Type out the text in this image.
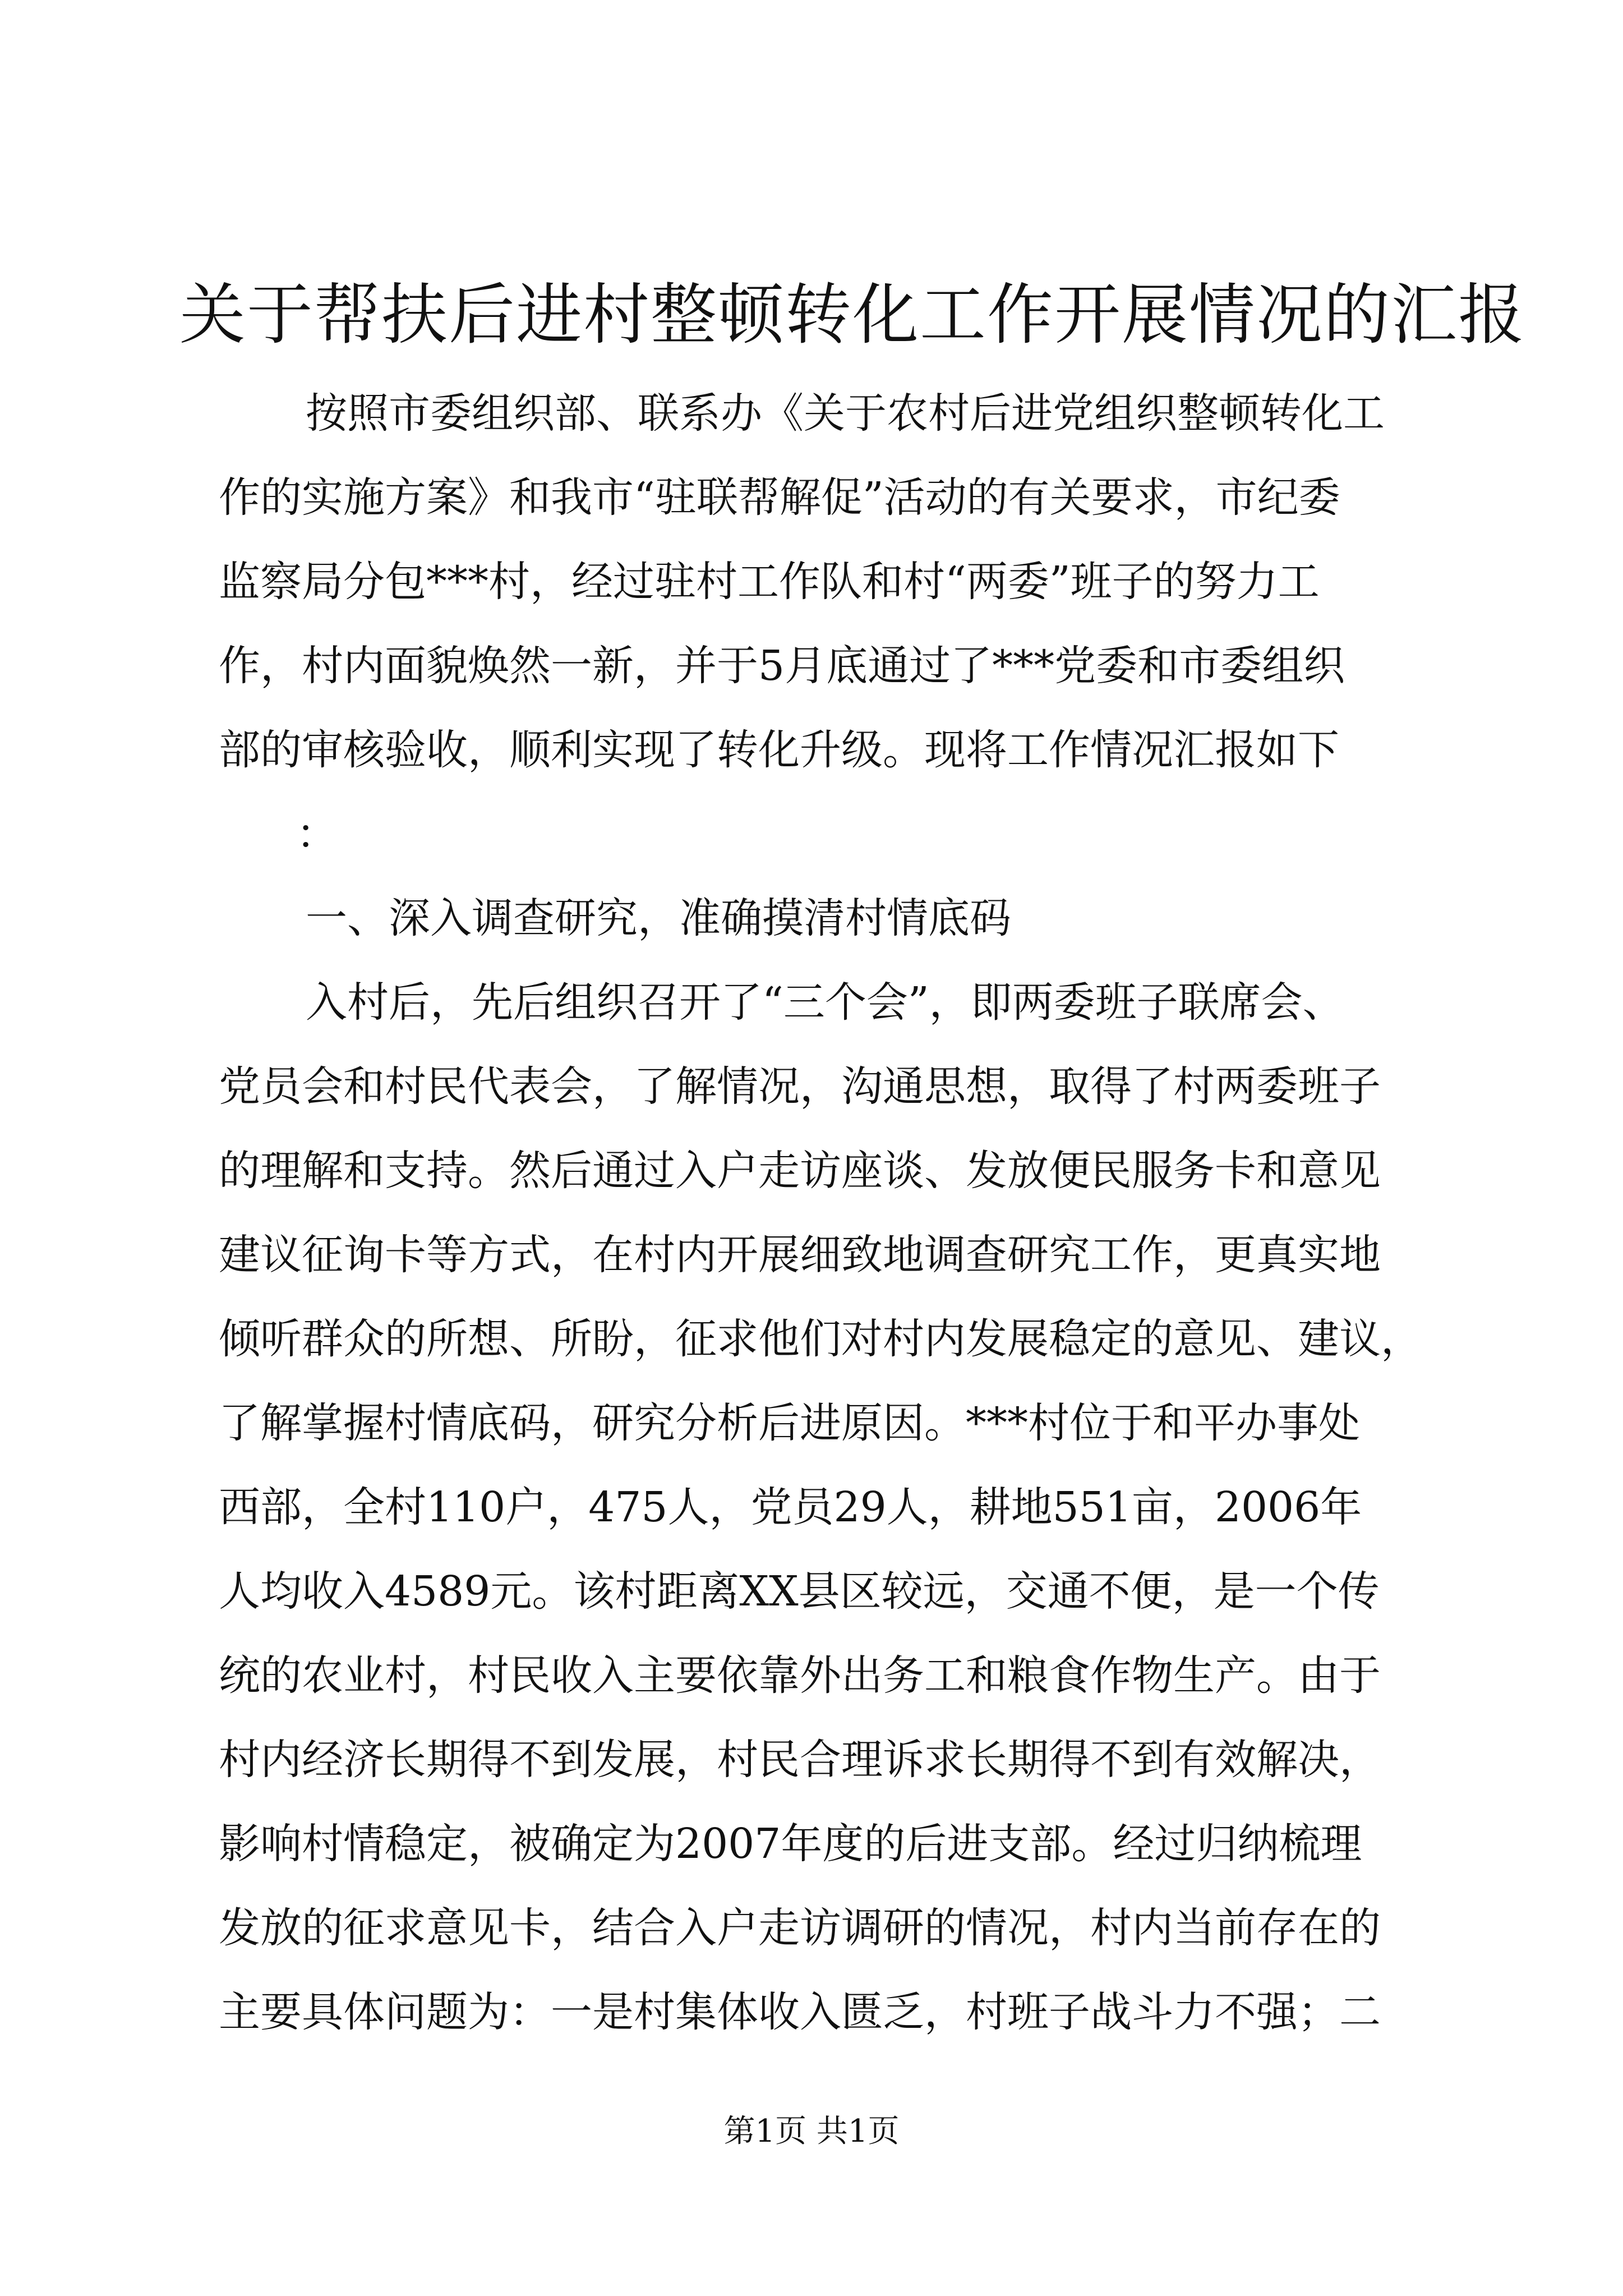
关于帮扶后进村整顿转化工作开展情况的汇报
按照市委组织部、联系办《关于农村后进党组织整顿转化工
作的实施方案》和我市“驻联帮解促”活动的有关要求，市纪委
监察局分包***村，经过驻村工作队和村“两委”班子的努力工
作，村内面貌焕然一新，并于5月底通过了***党委和市委组织
部的审核验收，顺利实现了转化升级。现将工作情况汇报如下
：
一、深入调查研究，准确摸清村情底码
入村后，先后组织召开了“三个会”，即两委班子联席会、
党员会和村民代表会，了解情况，沟通思想，取得了村两委班子
的理解和支持。然后通过入户走访座谈、发放便民服务卡和意见
建议征询卡等方式，在村内开展细致地调查研究工作，更真实地
倾听群众的所想、所盼，征求他们对村内发展稳定的意见、建议，
了解掌握村情底码，研究分析后进原因。***村位于和平办事处
西部，全村110户，475人，党员29人，耕地551亩，2006年
人均收入4589元。该村距离XX县区较远，交通不便，是一个传
统的农业村，村民收入主要依靠外出务工和粮食作物生产。由于
村内经济长期得不到发展，村民合理诉求长期得不到有效解决，
影响村情稳定，被确定为2007年度的后进支部。经过归纳梳理
发放的征求意见卡，结合入户走访调研的情况，村内当前存在的
主要具体问题为：一是村集体收入匮乏，村班子战斗力不强；二
第1页 共1页
